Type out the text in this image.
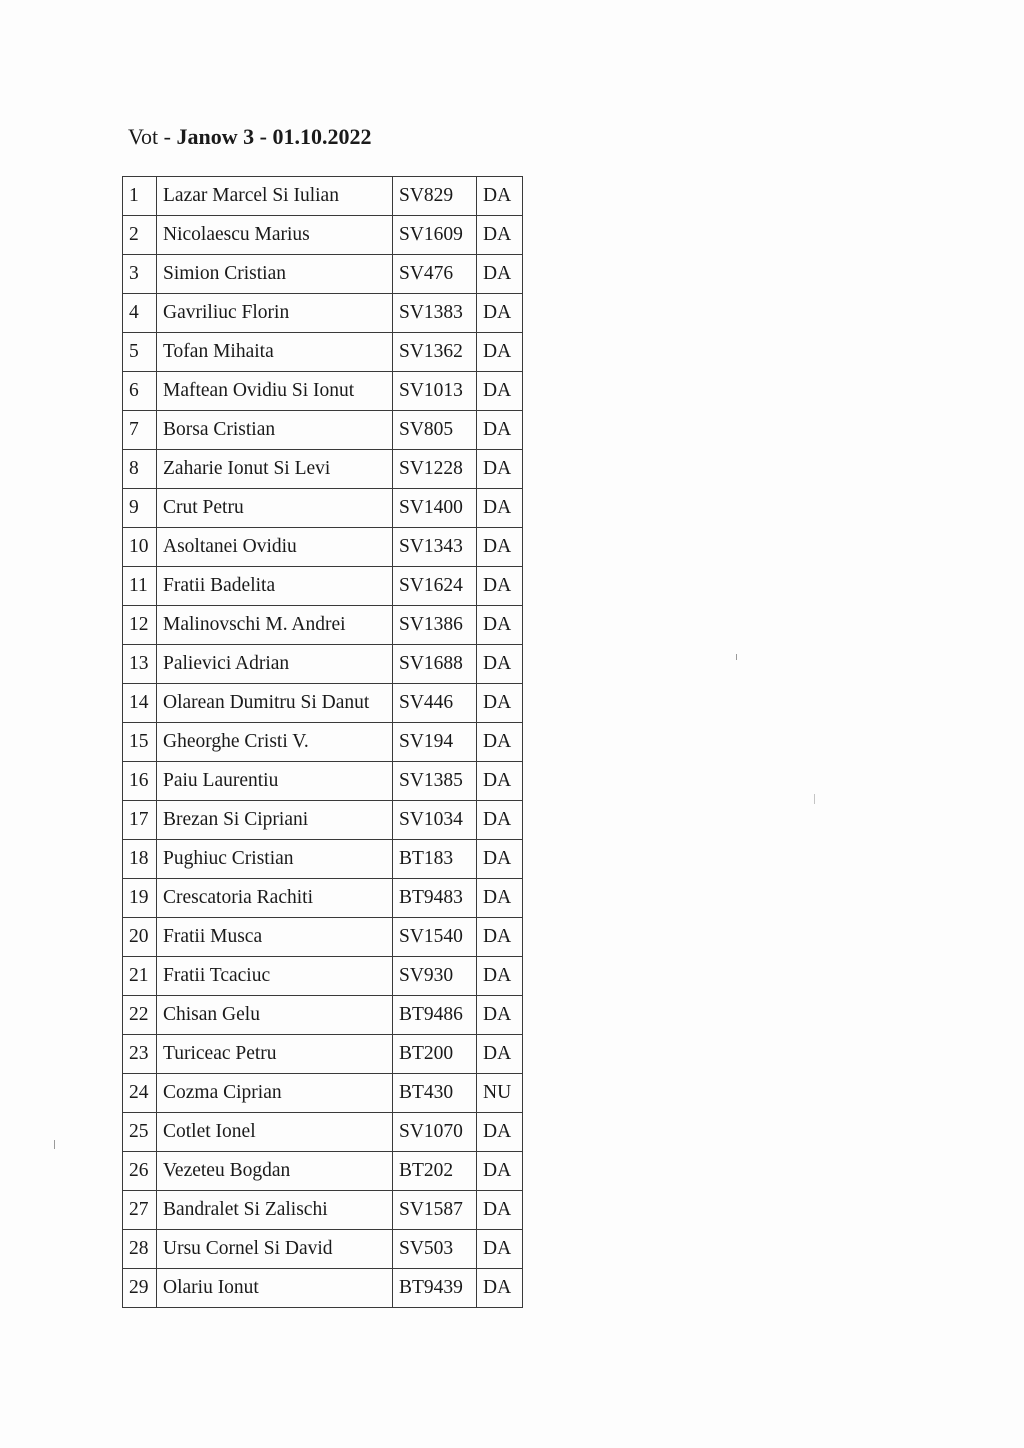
Vot - Janow 3 - 01.10.2022
1	Lazar Marcel Si Iulian	SV829	DA
2	Nicolaescu Marius	SV1609	DA
3	Simion Cristian	SV476	DA
4	Gavriliuc Florin	SV1383	DA
5	Tofan Mihaita	SV1362	DA
6	Maftean Ovidiu Si Ionut	SV1013	DA
7	Borsa Cristian	SV805	DA
8	Zaharie Ionut Si Levi	SV1228	DA
9	Crut Petru	SV1400	DA
10	Asoltanei Ovidiu	SV1343	DA
11	Fratii Badelita	SV1624	DA
12	Malinovschi M. Andrei	SV1386	DA
13	Palievici Adrian	SV1688	DA
14	Olarean Dumitru Si Danut	SV446	DA
15	Gheorghe Cristi V.	SV194	DA
16	Paiu Laurentiu	SV1385	DA
17	Brezan Si Cipriani	SV1034	DA
18	Pughiuc Cristian	BT183	DA
19	Crescatoria Rachiti	BT9483	DA
20	Fratii Musca	SV1540	DA
21	Fratii Tcaciuc	SV930	DA
22	Chisan Gelu	BT9486	DA
23	Turiceac Petru	BT200	DA
24	Cozma Ciprian	BT430	NU
25	Cotlet Ionel	SV1070	DA
26	Vezeteu Bogdan	BT202	DA
27	Bandralet Si Zalischi	SV1587	DA
28	Ursu Cornel Si David	SV503	DA
29	Olariu Ionut	BT9439	DA
